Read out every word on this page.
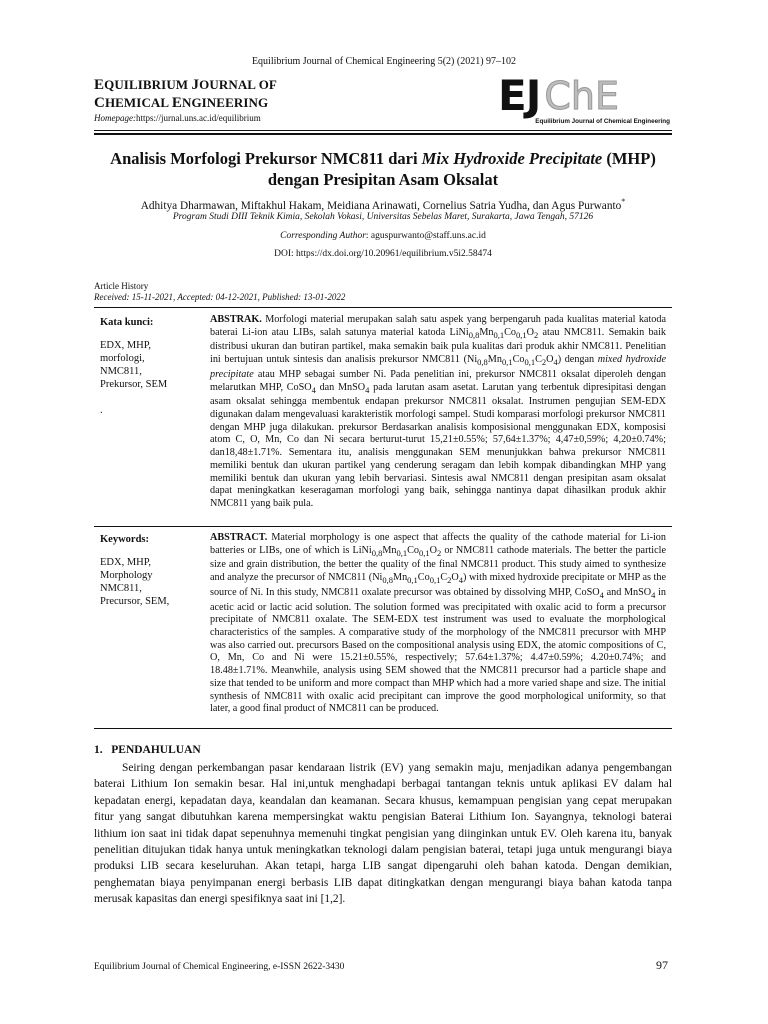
Equilibrium Journal of Chemical Engineering 5(2) (2021) 97–102
EQUILIBRIUM JOURNAL OF
CHEMICAL ENGINEERING
Homepage:https://jurnal.uns.ac.id/equilibrium	EJ ChE
Equilibrium Journal of Chemical Engineering
Analisis Morfologi Prekursor NMC811 dari Mix Hydroxide Precipitate (MHP) dengan Presipitan Asam Oksalat
Adhitya Dharmawan, Miftakhul Hakam, Meidiana Arinawati, Cornelius Satria Yudha, dan Agus Purwanto*
Program Studi DIII Teknik Kimia, Sekolah Vokasi, Universitas Sebelas Maret, Surakarta, Jawa Tengah, 57126
Corresponding Author: aguspurwanto@staff.uns.ac.id
DOI: https://dx.doi.org/10.20961/equilibrium.v5i2.58474
Article History
Received: 15-11-2021, Accepted: 04-12-2021, Published: 13-01-2022
Kata kunci:
EDX, MHP,
morfologi,
NMC811,
Prekursor, SEM
.
ABSTRAK. Morfologi material merupakan salah satu aspek yang berpengaruh pada kualitas material katoda baterai Li-ion atau LIBs, salah satunya material katoda $LiNi_{0,8}Mn_{0,1}Co_{0,1}O_2$ atau NMC811. Semakin baik distribusi ukuran dan butiran partikel, maka semakin baik pula kualitas dari produk akhir NMC811. Penelitian ini bertujuan untuk sintesis dan analisis prekursor NMC811 $(Ni_{0,8}Mn_{0,1}Co_{0,1}C_2O_4)$ dengan mixed hydroxide precipitate atau MHP sebagai sumber Ni. Pada penelitian ini, prekursor NMC811 oksalat diperoleh dengan melarutkan MHP, CoSO$_4$ dan MnSO$_4$ pada larutan asam asetat. Larutan yang terbentuk dipresipitasi dengan asam oksalat sehingga membentuk endapan prekursor NMC811 oksalat. Instrumen pengujian SEM-EDX digunakan dalam mengevaluasi karakteristik morfologi sampel. Studi komparasi morfologi prekursor NMC811 dengan MHP juga dilakukan. prekursor Berdasarkan analisis komposisional menggunakan EDX, komposisi atom C, O, Mn, Co dan Ni secara berturut-turut 15,21±0.55%; 57,64±1.37%; 4,47±0,59%; 4,20±0.74%; dan18,48±1.71%. Sementara itu, analisis menggunakan SEM menunjukkan bahwa prekursor NMC811 memiliki bentuk dan ukuran partikel yang cenderung seragam dan lebih kompak dibandingkan MHP yang memiliki bentuk dan ukuran yang lebih bervariasi. Sintesis awal NMC811 dengan presipitan asam oksalat dapat meningkatkan keseragaman morfologi yang baik, sehingga nantinya dapat dihasilkan produk akhir NMC811 yang baik pula.
Keywords:
EDX, MHP,
Morphology
NMC811,
Precursor, SEM,
ABSTRACT. Material morphology is one aspect that affects the quality of the cathode material for Li-ion batteries or LIBs, one of which is $LiNi_{0,8}Mn_{0,1}Co_{0,1}O_2$ or NMC811 cathode materials. The better the particle size and grain distribution, the better the quality of the final NMC811 product. This study aimed to synthesize and analyze the precursor of NMC811 $(Ni_{0,8}Mn_{0,1}Co_{0,1}C_2O_4)$ with mixed hydroxide precipitate or MHP as the source of Ni. In this study, NMC811 oxalate precursor was obtained by dissolving MHP, CoSO$_4$ and MnSO$_4$ in acetic acid or lactic acid solution. The solution formed was precipitated with oxalic acid to form a precursor precipitate of NMC811 oxalate. The SEM-EDX test instrument was used to evaluate the morphological characteristics of the samples. A comparative study of the morphology of the NMC811 precursor with MHP was also carried out. precursors Based on the compositional analysis using EDX, the atomic compositions of C, O, Mn, Co and Ni were 15.21±0.55%, respectively; 57.64±1.37%; 4.47±0.59%; 4.20±0.74%; and 18.48±1.71%. Meanwhile, analysis using SEM showed that the NMC811 precursor had a particle shape and size that tended to be uniform and more compact than MHP which had a more varied shape and size. The initial synthesis of NMC811 with oxalic acid precipitant can improve the good morphological uniformity, so that later, a good final product of NMC811 can be produced.
1.   PENDAHULUAN
Seiring dengan perkembangan pasar kendaraan listrik (EV) yang semakin maju, menjadikan adanya pengembangan baterai Lithium Ion semakin besar. Hal ini,untuk menghadapi berbagai tantangan teknis untuk aplikasi EV dalam hal kepadatan energi, kepadatan daya, keandalan dan keamanan. Secara khusus, kemampuan pengisian yang cepat merupakan fitur yang sangat dibutuhkan karena mempersingkat waktu pengisian Baterai Lithium Ion. Sayangnya, teknologi baterai lithium ion saat ini tidak dapat sepenuhnya memenuhi tingkat pengisian yang diinginkan untuk EV. Oleh karena itu, banyak penelitian ditujukan tidak hanya untuk meningkatkan teknologi dalam pengisian baterai, tetapi juga untuk mengurangi biaya produksi LIB secara keseluruhan. Akan tetapi, harga LIB sangat dipengaruhi oleh bahan katoda. Dengan demikian, penghematan biaya penyimpanan energi berbasis LIB dapat ditingkatkan dengan mengurangi biaya bahan katoda tanpa merusak kapasitas dan energi spesifiknya saat ini [1,2].
Equilibrium Journal of Chemical Engineering, e-ISSN 2622-3430	97
